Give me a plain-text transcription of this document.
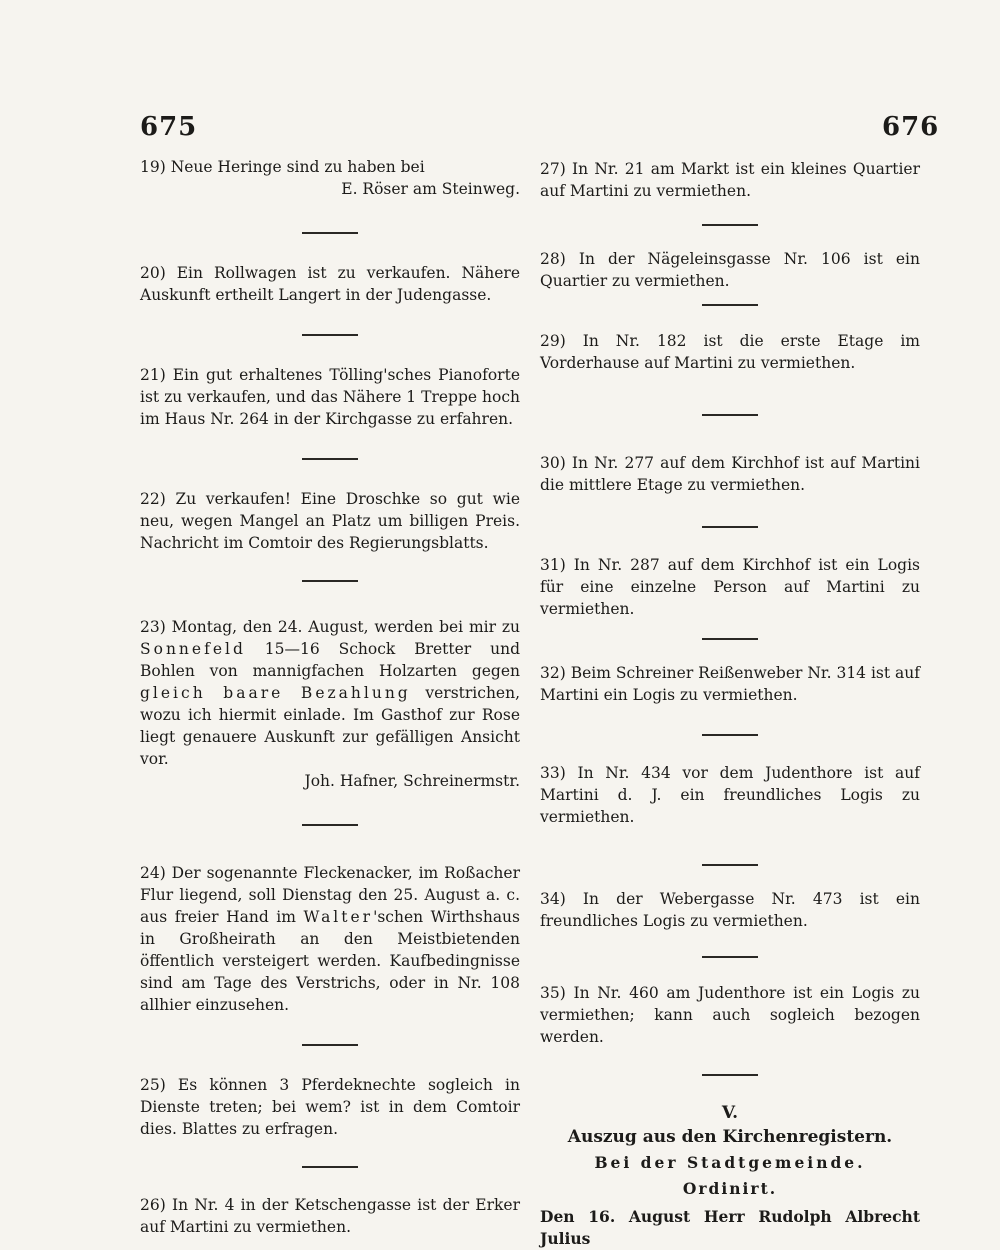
675	676

19) Neue Heringe sind zu haben bei

E. Röser am Steinweg.

20) Ein Rollwagen ist zu verkaufen. Nähere Auskunft ertheilt Langert in der Judengasse.

21) Ein gut erhaltenes Tölling'sches Pianoforte ist zu verkaufen, und das Nähere 1 Treppe hoch im Haus Nr. 264 in der Kirchgasse zu erfahren.

22) Zu verkaufen! Eine Droschke so gut wie neu, wegen Mangel an Platz um billigen Preis. Nachricht im Comtoir des Regierungsblatts.

23) Montag, den 24. August, werden bei mir zu Sonnefeld 15—16 Schock Bretter und Bohlen von mannigfachen Holzarten gegen gleich baare Bezahlung verstrichen, wozu ich hiermit einlade. Im Gasthof zur Rose liegt genauere Auskunft zur gefälligen Ansicht vor.

Joh. Hafner, Schreinermstr.

24) Der sogenannte Fleckenacker, im Roßacher Flur liegend, soll Dienstag den 25. August a. c. aus freier Hand im Walter'schen Wirthshaus in Großheirath an den Meistbietenden öffentlich versteigert werden. Kaufbedingnisse sind am Tage des Verstrichs, oder in Nr. 108 allhier einzusehen.

25) Es können 3 Pferdeknechte sogleich in Dienste treten; bei wem? ist in dem Comtoir dies. Blattes zu erfragen.

26) In Nr. 4 in der Ketschengasse ist der Erker auf Martini zu vermiethen.

27) In Nr. 21 am Markt ist ein kleines Quartier auf Martini zu vermiethen.

28) In der Nägeleinsgasse Nr. 106 ist ein Quartier zu vermiethen.

29) In Nr. 182 ist die erste Etage im Vorderhause auf Martini zu vermiethen.

30) In Nr. 277 auf dem Kirchhof ist auf Martini die mittlere Etage zu vermiethen.

31) In Nr. 287 auf dem Kirchhof ist ein Logis für eine einzelne Person auf Martini zu vermiethen.

32) Beim Schreiner Reißenweber Nr. 314 ist auf Martini ein Logis zu vermiethen.

33) In Nr. 434 vor dem Judenthore ist auf Martini d. J. ein freundliches Logis zu vermiethen.

34) In der Webergasse Nr. 473 ist ein freundliches Logis zu vermiethen.

35) In Nr. 460 am Judenthore ist ein Logis zu vermiethen; kann auch sogleich bezogen werden.

V.
Auszug aus den Kirchenregistern.
Bei der Stadtgemeinde.
Ordinirt.
Den 16. August Herr Rudolph Albrecht Julius
